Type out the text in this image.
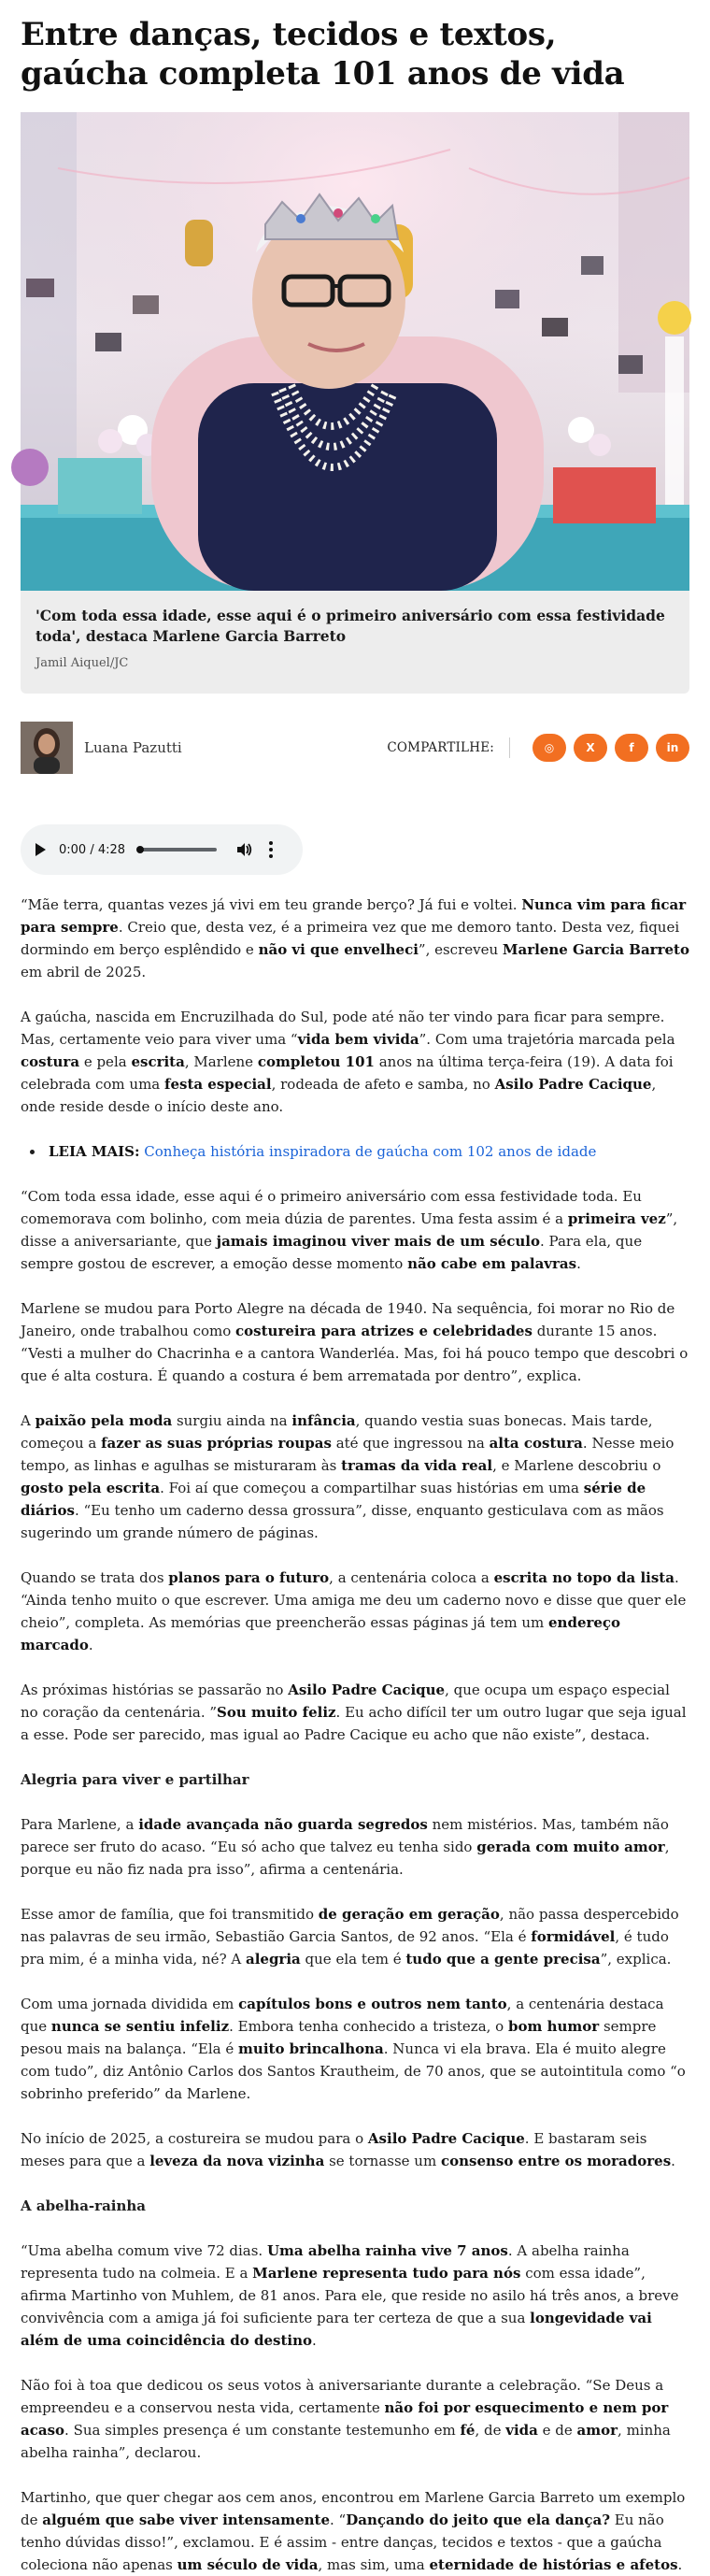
Entre danças, tecidos e textos, gaúcha completa 101 anos de vida

'Com toda essa idade, esse aqui é o primeiro aniversário com essa festividade toda', destaca Marlene Garcia Barreto

Jamil Aiquel/JC

Luana Pazutti	COMPARTILHE:	◎	X	f	in
0:00 / 4:28

“Mãe terra, quantas vezes já vivi em teu grande berço? Já fui e voltei. Nunca vim para ficar para sempre. Creio que, desta vez, é a primeira vez que me demoro tanto. Desta vez, fiquei dormindo em berço esplêndido e não vi que envelheci”, escreveu Marlene Garcia Barreto em abril de 2025.

A gaúcha, nascida em Encruzilhada do Sul, pode até não ter vindo para ficar para sempre. Mas, certamente veio para viver uma “vida bem vivida”. Com uma trajetória marcada pela costura e pela escrita, Marlene completou 101 anos na última terça-feira (19). A data foi celebrada com uma festa especial, rodeada de afeto e samba, no Asilo Padre Cacique, onde reside desde o início deste ano.

• LEIA MAIS: Conheça história inspiradora de gaúcha com 102 anos de idade

“Com toda essa idade, esse aqui é o primeiro aniversário com essa festividade toda. Eu comemorava com bolinho, com meia dúzia de parentes. Uma festa assim é a primeira vez”, disse a aniversariante, que jamais imaginou viver mais de um século. Para ela, que sempre gostou de escrever, a emoção desse momento não cabe em palavras.

Marlene se mudou para Porto Alegre na década de 1940. Na sequência, foi morar no Rio de Janeiro, onde trabalhou como costureira para atrizes e celebridades durante 15 anos. “Vesti a mulher do Chacrinha e a cantora Wanderléa. Mas, foi há pouco tempo que descobri o que é alta costura. É quando a costura é bem arrematada por dentro”, explica.

A paixão pela moda surgiu ainda na infância, quando vestia suas bonecas. Mais tarde, começou a fazer as suas próprias roupas até que ingressou na alta costura. Nesse meio tempo, as linhas e agulhas se misturaram às tramas da vida real, e Marlene descobriu o gosto pela escrita. Foi aí que começou a compartilhar suas histórias em uma série de diários. “Eu tenho um caderno dessa grossura”, disse, enquanto gesticulava com as mãos sugerindo um grande número de páginas.

Quando se trata dos planos para o futuro, a centenária coloca a escrita no topo da lista. “Ainda tenho muito o que escrever. Uma amiga me deu um caderno novo e disse que quer ele cheio”, completa. As memórias que preencherão essas páginas já tem um endereço marcado.

As próximas histórias se passarão no Asilo Padre Cacique, que ocupa um espaço especial no coração da centenária. ”Sou muito feliz. Eu acho difícil ter um outro lugar que seja igual a esse. Pode ser parecido, mas igual ao Padre Cacique eu acho que não existe”, destaca.

Alegria para viver e partilhar

Para Marlene, a idade avançada não guarda segredos nem mistérios. Mas, também não parece ser fruto do acaso. “Eu só acho que talvez eu tenha sido gerada com muito amor, porque eu não fiz nada pra isso”, afirma a centenária.

Esse amor de família, que foi transmitido de geração em geração, não passa despercebido nas palavras de seu irmão, Sebastião Garcia Santos, de 92 anos. “Ela é formidável, é tudo pra mim, é a minha vida, né? A alegria que ela tem é tudo que a gente precisa”, explica.

Com uma jornada dividida em capítulos bons e outros nem tanto, a centenária destaca que nunca se sentiu infeliz. Embora tenha conhecido a tristeza, o bom humor sempre pesou mais na balança. “Ela é muito brincalhona. Nunca vi ela brava. Ela é muito alegre com tudo”, diz Antônio Carlos dos Santos Krautheim, de 70 anos, que se autointitula como “o sobrinho preferido” da Marlene.

No início de 2025, a costureira se mudou para o Asilo Padre Cacique. E bastaram seis meses para que a leveza da nova vizinha se tornasse um consenso entre os moradores.

A abelha-rainha

“Uma abelha comum vive 72 dias. Uma abelha rainha vive 7 anos. A abelha rainha representa tudo na colmeia. E a Marlene representa tudo para nós com essa idade”, afirma Martinho von Muhlem, de 81 anos. Para ele, que reside no asilo há três anos, a breve convivência com a amiga já foi suficiente para ter certeza de que a sua longevidade vai além de uma coincidência do destino.

Não foi à toa que dedicou os seus votos à aniversariante durante a celebração. “Se Deus a empreendeu e a conservou nesta vida, certamente não foi por esquecimento e nem por acaso. Sua simples presença é um constante testemunho em fé, de vida e de amor, minha abelha rainha”, declarou.

Martinho, que quer chegar aos cem anos, encontrou em Marlene Garcia Barreto um exemplo de alguém que sabe viver intensamente. “Dançando do jeito que ela dança? Eu não tenho dúvidas disso!”, exclamou. E é assim - entre danças, tecidos e textos - que a gaúcha coleciona não apenas um século de vida, mas sim, uma eternidade de histórias e afetos.
